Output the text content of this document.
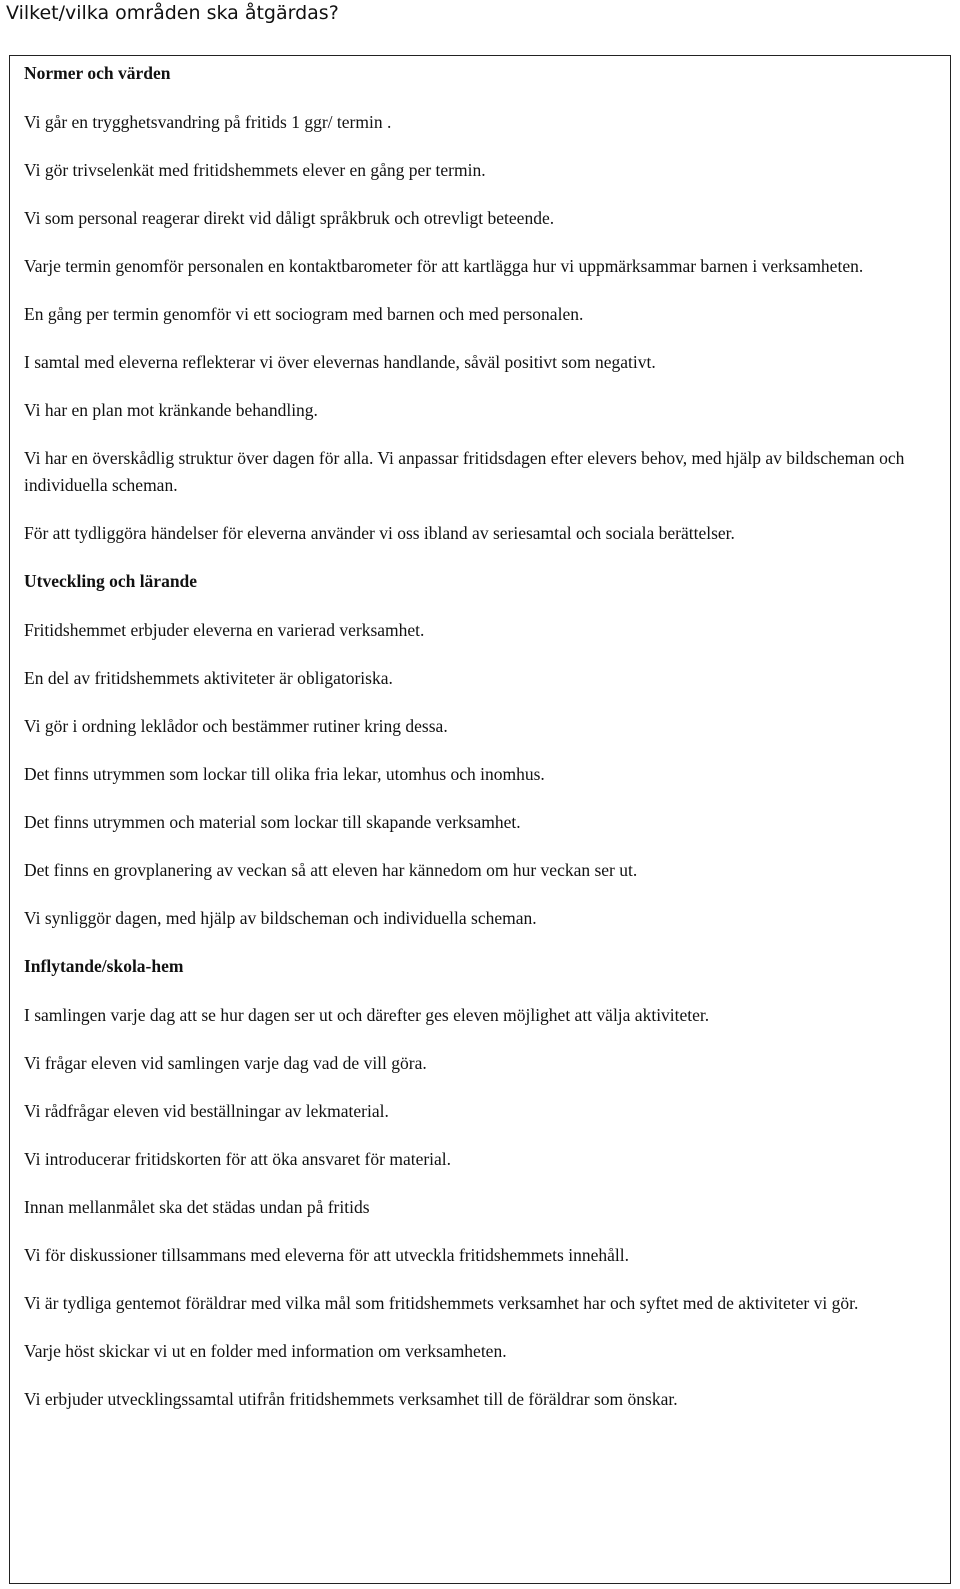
Vilket/vilka områden ska åtgärdas?

Normer och värden

Vi går en trygghetsvandring på fritids 1 ggr/ termin .

Vi gör trivselenkät med fritidshemmets elever en gång per termin.

Vi som personal reagerar direkt vid dåligt språkbruk och otrevligt beteende.

Varje termin genomför personalen en kontaktbarometer för att kartlägga hur vi uppmärksammar barnen i verksamheten.

En gång per termin genomför vi ett sociogram med barnen och med personalen.

I samtal med eleverna reflekterar vi över elevernas handlande, såväl positivt som negativt.

Vi har en plan mot kränkande behandling.

Vi har en överskådlig struktur över dagen för alla. Vi anpassar fritidsdagen efter elevers behov, med hjälp av bildscheman och individuella scheman.

För att tydliggöra händelser för eleverna använder vi oss ibland av seriesamtal och sociala berättelser.

Utveckling och lärande

Fritidshemmet erbjuder eleverna en varierad verksamhet.

En del av fritidshemmets aktiviteter är obligatoriska.

Vi gör i ordning leklådor och bestämmer rutiner kring dessa.

Det finns utrymmen som lockar till olika fria lekar, utomhus och inomhus.

Det finns utrymmen och material som lockar till skapande verksamhet.

Det finns en grovplanering av veckan så att eleven har kännedom om hur veckan ser ut.

Vi synliggör dagen, med hjälp av bildscheman och individuella scheman.

Inflytande/skola-hem

I samlingen varje dag att se hur dagen ser ut och därefter ges eleven möjlighet att välja aktiviteter.

Vi frågar eleven vid samlingen varje dag vad de vill göra.

Vi rådfrågar eleven vid beställningar av lekmaterial.

Vi introducerar fritidskorten för att öka ansvaret för material.

Innan mellanmålet ska det städas undan på fritids

Vi för diskussioner tillsammans med eleverna för att utveckla fritidshemmets innehåll.

Vi är tydliga gentemot föräldrar med vilka mål som fritidshemmets verksamhet har och syftet med de aktiviteter vi gör.

Varje höst skickar vi ut en folder med information om verksamheten.

Vi erbjuder utvecklingssamtal utifrån fritidshemmets verksamhet till de föräldrar som önskar.
